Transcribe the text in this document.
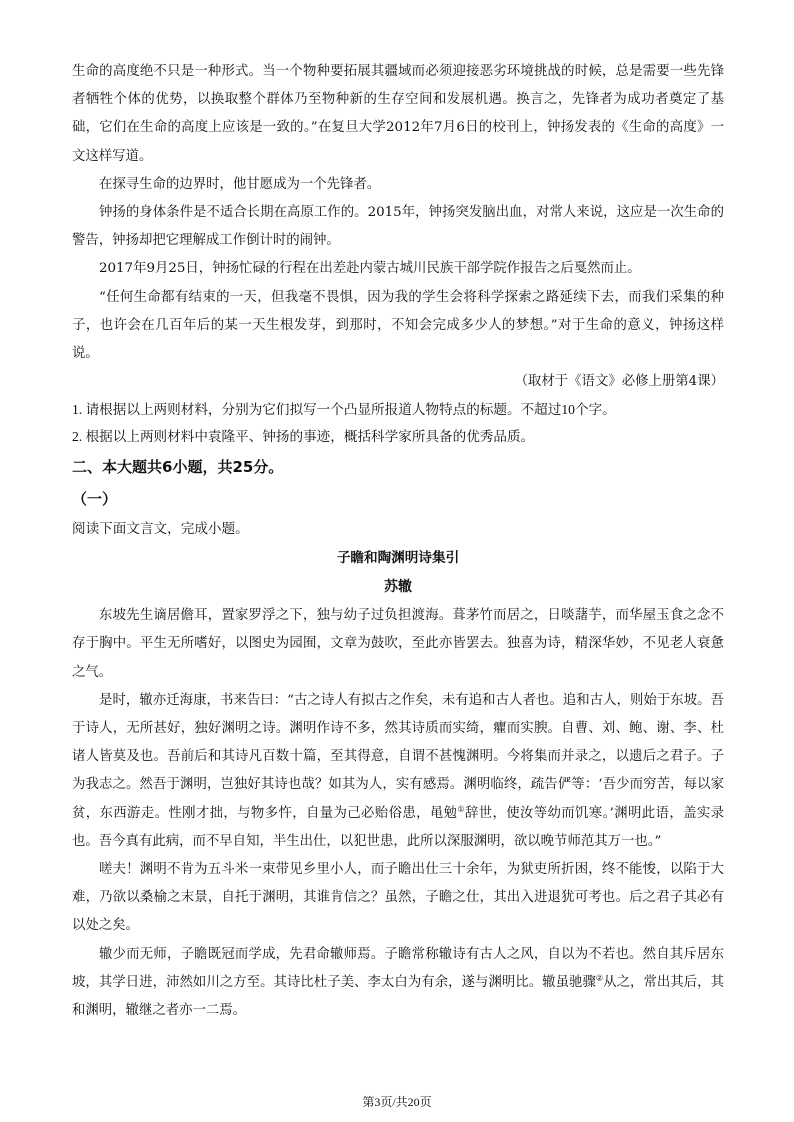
生命的高度绝不只是一种形式。当一个物种要拓展其疆域而必须迎接恶劣环境挑战的时候，总是需要一些先锋者牺牲个体的优势，以换取整个群体乃至物种新的生存空间和发展机遇。换言之，先锋者为成功者奠定了基础，它们在生命的高度上应该是一致的。”在复旦大学2012年7月6日的校刊上，钟扬发表的《生命的高度》一文这样写道。

在探寻生命的边界时，他甘愿成为一个先锋者。

钟扬的身体条件是不适合长期在高原工作的。2015年，钟扬突发脑出血，对常人来说，这应是一次生命的警告，钟扬却把它理解成工作倒计时的闹钟。

2017年9月25日，钟扬忙碌的行程在出差赴内蒙古城川民族干部学院作报告之后戛然而止。

“任何生命都有结束的一天，但我毫不畏惧，因为我的学生会将科学探索之路延续下去，而我们采集的种子，也许会在几百年后的某一天生根发芽，到那时，不知会完成多少人的梦想。”对于生命的意义，钟扬这样说。

（取材于《语文》必修上册第4课）

1. 请根据以上两则材料，分别为它们拟写一个凸显所报道人物特点的标题。不超过10个字。

2. 根据以上两则材料中袁隆平、钟扬的事迹，概括科学家所具备的优秀品质。

二、本大题共6小题，共25分。

（一）

阅读下面文言文，完成小题。

子瞻和陶渊明诗集引

苏辙

东坡先生谪居儋耳，置家罗浮之下，独与幼子过负担渡海。葺茅竹而居之，日啖藷芋，而华屋玉食之念不存于胸中。平生无所嗜好，以图史为园囿，文章为鼓吹，至此亦皆罢去。独喜为诗，精深华妙，不见老人衰惫之气。

是时，辙亦迁海康，书来告曰：“古之诗人有拟古之作矣，未有追和古人者也。追和古人，则始于东坡。吾于诗人，无所甚好，独好渊明之诗。渊明作诗不多，然其诗质而实绮，癯而实腴。自曹、刘、鲍、谢、李、杜诸人皆莫及也。吾前后和其诗凡百数十篇，至其得意，自谓不甚愧渊明。今将集而并录之，以遗后之君子。子为我志之。然吾于渊明，岂独好其诗也哉？如其为人，实有感焉。渊明临终，疏告俨等：‘吾少而穷苦，每以家贫，东西游走。性刚才拙，与物多忤，自量为己必贻俗患，黾勉①辞世，使汝等幼而饥寒。’渊明此语，盖实录也。吾今真有此病，而不早自知，半生出仕，以犯世患，此所以深服渊明，欲以晚节师范其万一也。”

嗟夫！渊明不肯为五斗米一束带见乡里小人，而子瞻出仕三十余年，为狱吏所折困，终不能悛，以陷于大难，乃欲以桑榆之末景，自托于渊明，其谁肯信之？虽然，子瞻之仕，其出入进退犹可考也。后之君子其必有以处之矣。

辙少而无师，子瞻既冠而学成，先君命辙师焉。子瞻常称辙诗有古人之风，自以为不若也。然自其斥居东坡，其学日进，沛然如川之方至。其诗比杜子美、李太白为有余，遂与渊明比。辙虽驰骤②从之，常出其后，其和渊明，辙继之者亦一二焉。

第3页/共20页
